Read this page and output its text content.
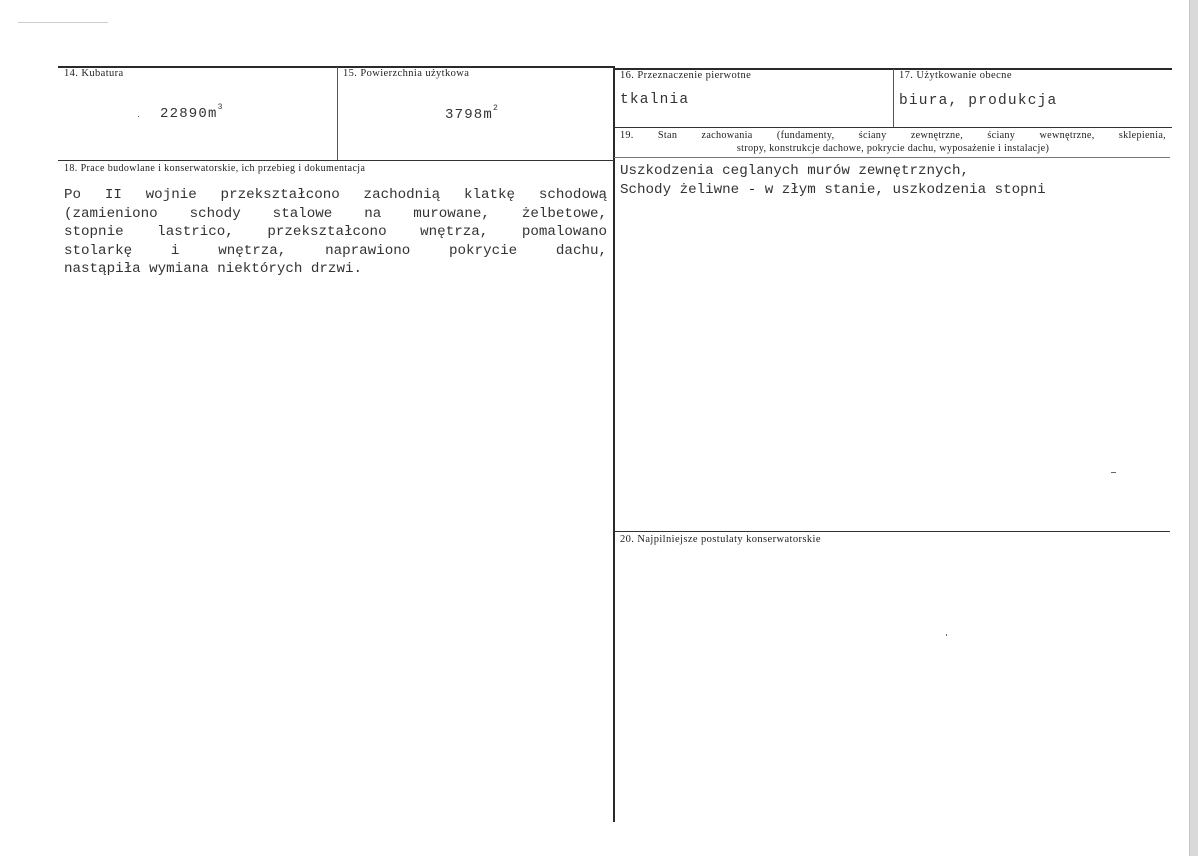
14. Kubatura
$22890m^3$
15. Powierzchnia użytkowa
$3798m^2$
16. Przeznaczenie pierwotne
tkalnia
17. Użytkowanie obecne
biura, produkcja
18. Prace budowlane i konserwatorskie, ich przebieg i dokumentacja
Po II wojnie przekształcono zachodnią klatkę schodową
(zamieniono schody stalowe na murowane, żelbetowe,
stopnie lastrico, przekształcono wnętrza, pomalowano
stolarkę i wnętrza, naprawiono pokrycie dachu,
nastąpiła wymiana niektórych drzwi.
19. Stan zachowania (fundamenty, ściany zewnętrzne, ściany wewnętrzne, sklepienia,
stropy, konstrukcje dachowe, pokrycie dachu, wyposażenie i instalacje)
Uszkodzenia ceglanych murów zewnętrznych,
Schody żeliwne - w złym stanie, uszkodzenia stopni
20. Najpilniejsze postulaty konserwatorskie
